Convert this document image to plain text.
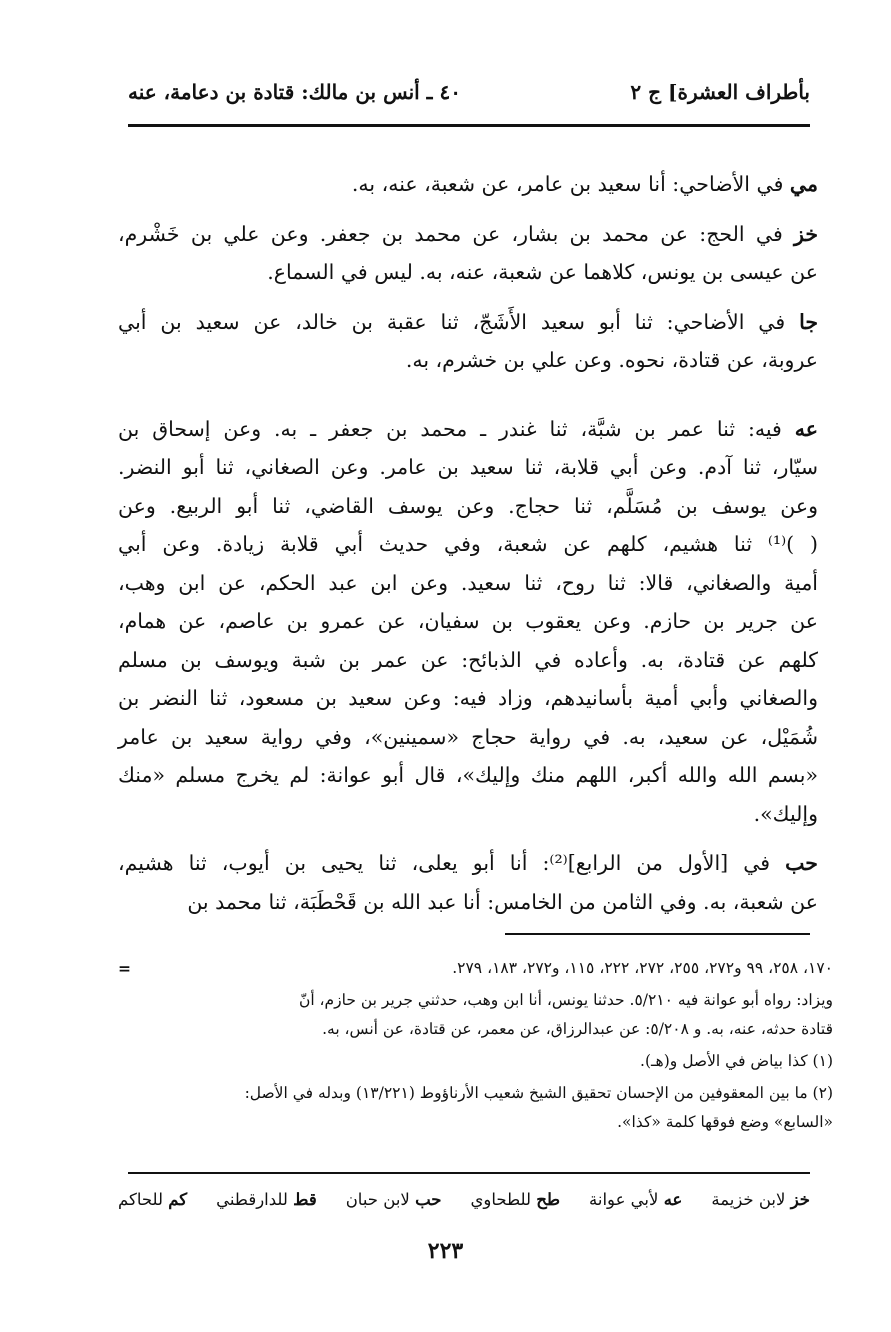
بأطراف العشرة] ج ٢
٤٠ ـ أنس بن مالك: قتادة بن دعامة، عنه

مي في الأضاحي: أنا سعيد بن عامر، عن شعبة، عنه، به.

خز في الحج: عن محمد بن بشار، عن محمد بن جعفر. وعن علي بن خَشْرم،
عن عيسى بن يونس، كلاهما عن شعبة، عنه، به. ليس في السماع.

جا في الأضاحي: ثنا أبو سعيد الأَشَجّ، ثنا عقبة بن خالد، عن سعيد بن أبي
عروبة، عن قتادة، نحوه. وعن علي بن خشرم، به.

عه فيه: ثنا عمر بن شبَّة، ثنا غندر ـ محمد بن جعفر ـ به. وعن إسحاق بن
سيّار، ثنا آدم. وعن أبي قلابة، ثنا سعيد بن عامر. وعن الصغاني، ثنا أبو النضر.
وعن يوسف بن مُسَلَّم، ثنا حجاج. وعن يوسف القاضي، ثنا أبو الربيع. وعن
( )⁽¹⁾ ثنا هشيم، كلهم عن شعبة، وفي حديث أبي قلابة زيادة. وعن أبي
أمية والصغاني، قالا: ثنا روح، ثنا سعيد. وعن ابن عبد الحكم، عن ابن وهب،
عن جرير بن حازم. وعن يعقوب بن سفيان، عن عمرو بن عاصم، عن همام،
كلهم عن قتادة، به. وأعاده في الذبائح: عن عمر بن شبة ويوسف بن مسلم
والصغاني وأبي أمية بأسانيدهم، وزاد فيه: وعن سعيد بن مسعود، ثنا النضر بن
شُمَيْل، عن سعيد، به. في رواية حجاج «سمينين»، وفي رواية سعيد بن عامر
«بسم الله والله أكبر، اللهم منك وإليك»، قال أبو عوانة: لم يخرج مسلم «منك
وإليك».

حب في [الأول من الرابع]⁽²⁾: أنا أبو يعلى، ثنا يحيى بن أيوب، ثنا هشيم،
عن شعبة، به. وفي الثامن من الخامس: أنا عبد الله بن قَحْطَبَة، ثنا محمد بن

=	١٧٠، ٢٥٨، ٩٩ و٢٧٢، ٢٥٥، ٢٧٢، ٢٢٢، ١١٥، و٢٧٢، ١٨٣، ٢٧٩.

ويزاد: رواه أبو عوانة فيه ٥/٢١٠. حدثنا يونس، أنا ابن وهب، حدثني جرير بن حازم، أنّ
قتادة حدثه، عنه، به. و ٥/٢٠٨: عن عبدالرزاق، عن معمر، عن قتادة، عن أنس، به.

(١) كذا بياض في الأصل و(هـ).

(٢) ما بين المعقوفين من الإحسان تحقيق الشيخ شعيب الأرناؤوط (١٣/٢٢١) وبدله في الأصل:
«السابع» وضع فوقها كلمة «كذا».

خز لابن خزيمة
عه لأبي عوانة
طح للطحاوي
حب لابن حبان
قط للدارقطني
كم للحاكم
٢٢٣
